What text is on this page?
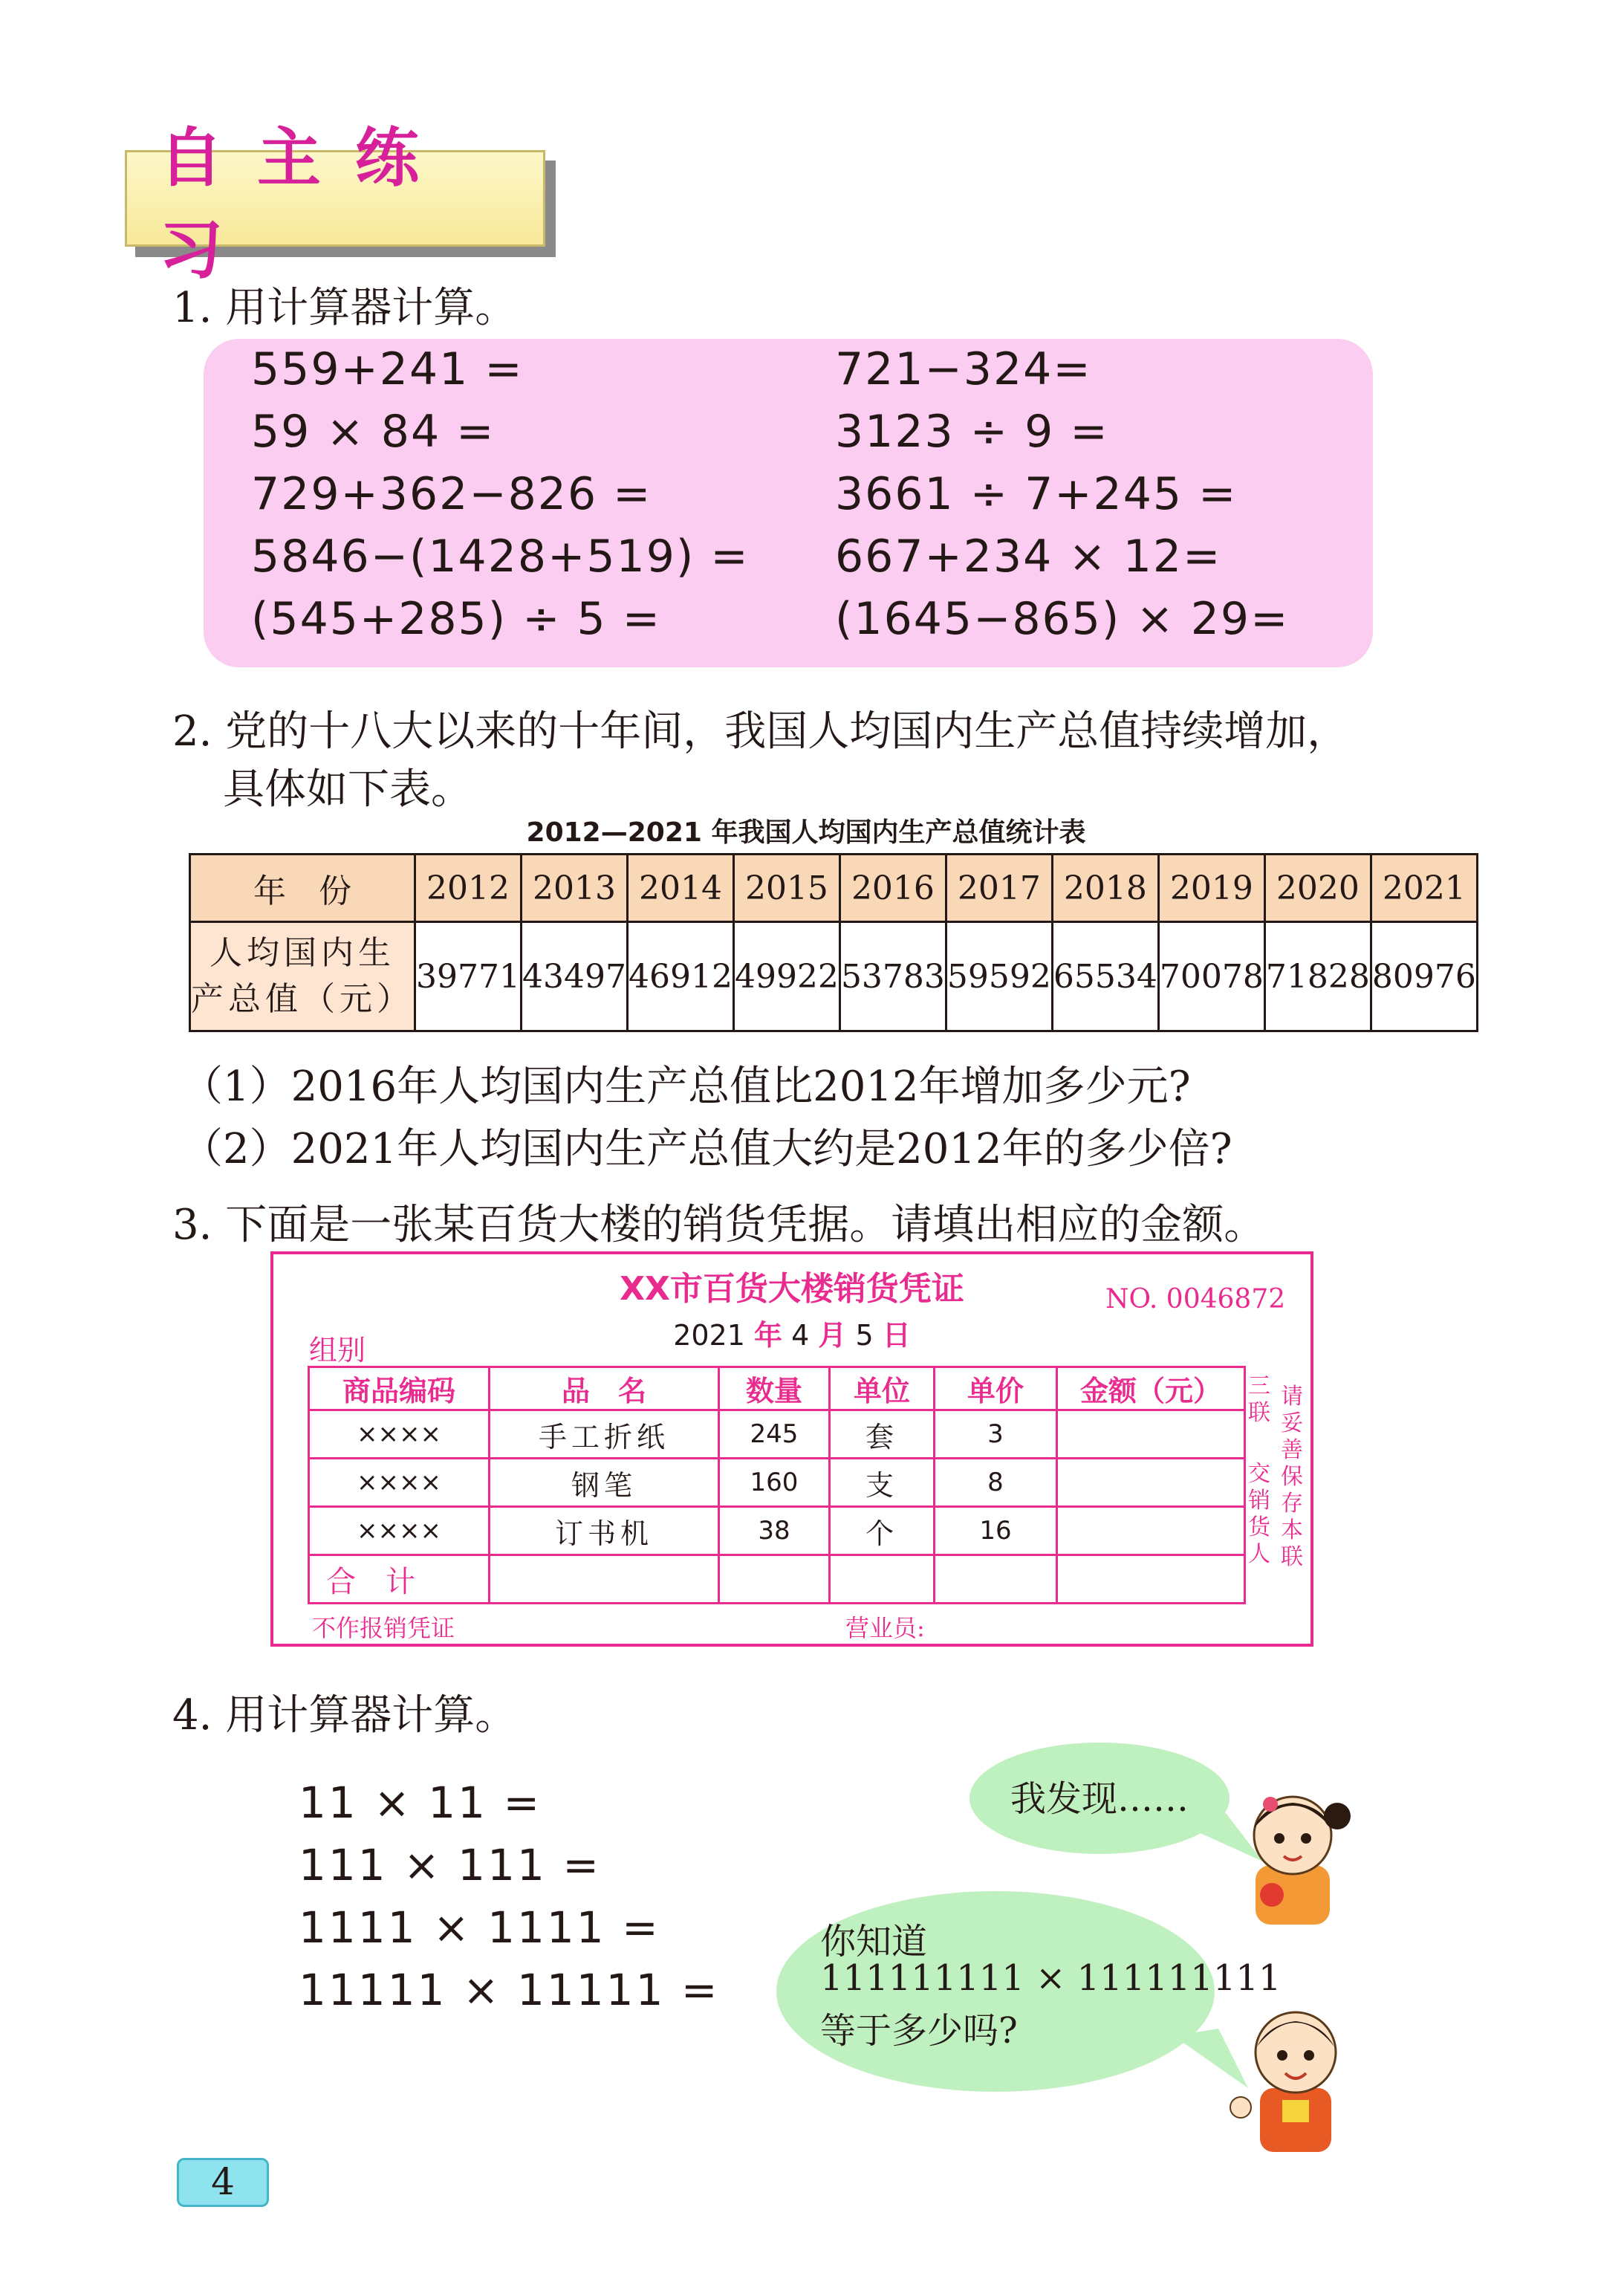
自主练习
1. 用计算器计算。
559+241 =
59 × 84 =
729+362−826 =
5846−(1428+519) =
(545+285) ÷ 5 =
721−324=
3123 ÷ 9 =
3661 ÷ 7+245 =
667+234 × 12=
(1645−865) × 29=
2. 党的十八大以来的十年间，我国人均国内生产总值持续增加，
具体如下表。
2012—2021 年我国人均国内生产总值统计表
年　份	2012	2013	2014	2015	2016	2017	2018	2019	2020	2021

人均国内生
产总值（元）	39771	43497	46912	49922	53783	59592	65534	70078	71828	80976
（1）2016年人均国内生产总值比2012年增加多少元?
（2）2021年人均国内生产总值大约是2012年的多少倍?
3. 下面是一张某百货大楼的销货凭据。请填出相应的金额。
XX市百货大楼销货凭证	NO. 0046872
2021 年 4 月 5 日
组别
商品编码	品　名	数量	单位	单价	金额（元）
××××	手工折纸	245	套	3	
××××	钢笔	160	支	8	
××××	订书机	38	个	16	
合计					
三
联
交
销
货
人
请
妥
善
保
存
本
联
不作报销凭证	营业员:
4. 用计算器计算。
11 × 11 =
111 × 111 =
1111 × 1111 =
11111 × 11111 =
我发现……
你知道
111111111 × 111111111
等于多少吗?
4
